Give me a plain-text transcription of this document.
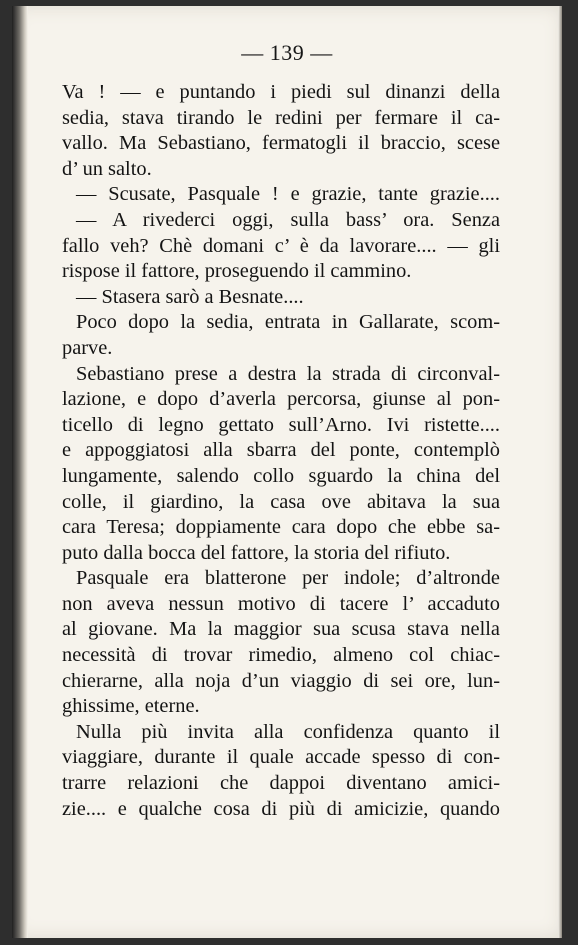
— 139 —
Va ! — e puntando i piedi sul dinanzi della
sedia, stava tirando le redini per fermare il ca-
vallo. Ma Sebastiano, fermatogli il braccio, scese
d’ un salto.
— Scusate, Pasquale ! e grazie, tante grazie....
— A rivederci oggi, sulla bass’ ora. Senza
fallo veh? Chè domani c’ è da lavorare.... — gli
rispose il fattore, proseguendo il cammino.
— Stasera sarò a Besnate....
Poco dopo la sedia, entrata in Gallarate, scom-
parve.
Sebastiano prese a destra la strada di circonval-
lazione, e dopo d’averla percorsa, giunse al pon-
ticello di legno gettato sull’Arno. Ivi ristette....
e appoggiatosi alla sbarra del ponte, contemplò
lungamente, salendo collo sguardo la china del
colle, il giardino, la casa ove abitava la sua
cara Teresa; doppiamente cara dopo che ebbe sa-
puto dalla bocca del fattore, la storia del rifiuto.
Pasquale era blatterone per indole; d’altronde
non aveva nessun motivo di tacere l’ accaduto
al giovane. Ma la maggior sua scusa stava nella
necessità di trovar rimedio, almeno col chiac-
chierarne, alla noja d’un viaggio di sei ore, lun-
ghissime, eterne.
Nulla più invita alla confidenza quanto il
viaggiare, durante il quale accade spesso di con-
trarre relazioni che dappoi diventano amici-
zie.... e qualche cosa di più di amicizie, quando
